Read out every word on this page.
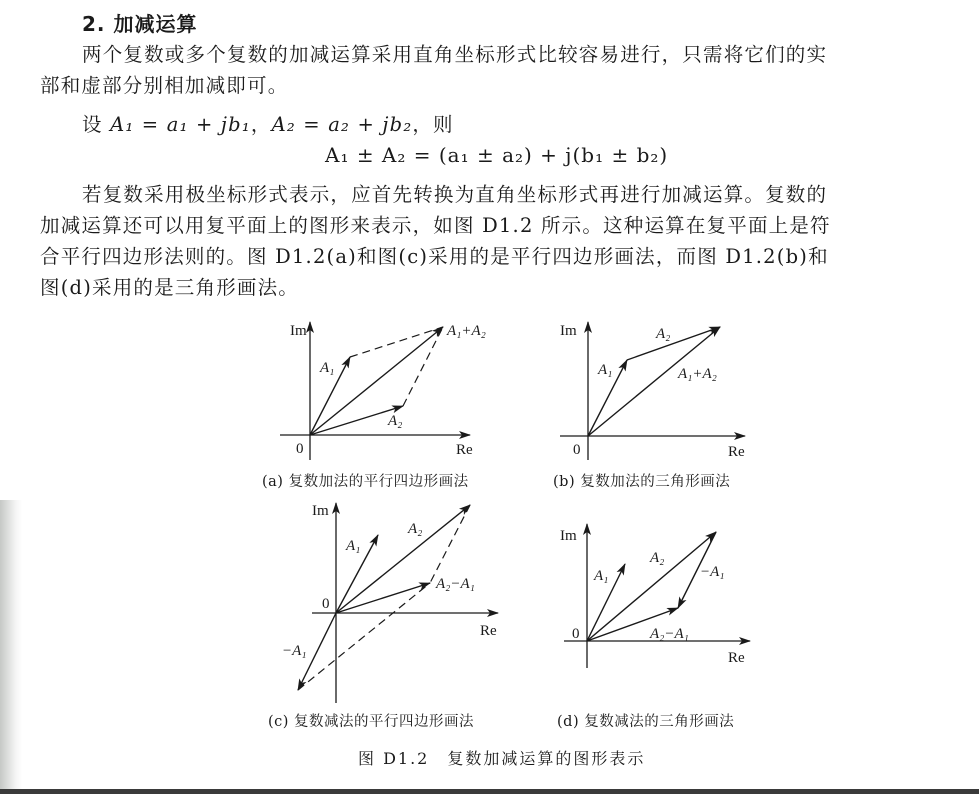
2. 加减运算
两个复数或多个复数的加减运算采用直角坐标形式比较容易进行，只需将它们的实
部和虚部分别相加减即可。
设 A₁ = a₁ + jb₁，A₂ = a₂ + jb₂，则
A₁ ± A₂ = (a₁ ± a₂) + j(b₁ ± b₂)
若复数采用极坐标形式表示，应首先转换为直角坐标形式再进行加减运算。复数的
加减运算还可以用复平面上的图形来表示，如图 D1.2 所示。这种运算在复平面上是符
合平行四边形法则的。图 D1.2(a)和图(c)采用的是平行四边形画法，而图 D1.2(b)和
图(d)采用的是三角形画法。
Im
Re
0
A₁
A₂
A₁+A₂
(a) 复数加法的平行四边形画法
Im
Re
0
A₁
A₂
A₁+A₂
(b) 复数加法的三角形画法
Im
Re
0
A₁
A₂
A₂−A₁
−A₁
(c) 复数减法的平行四边形画法
Im
Re
0
A₁
A₂
−A₁
A₂−A₁
(d) 复数减法的三角形画法
图 D1.2　复数加减运算的图形表示
